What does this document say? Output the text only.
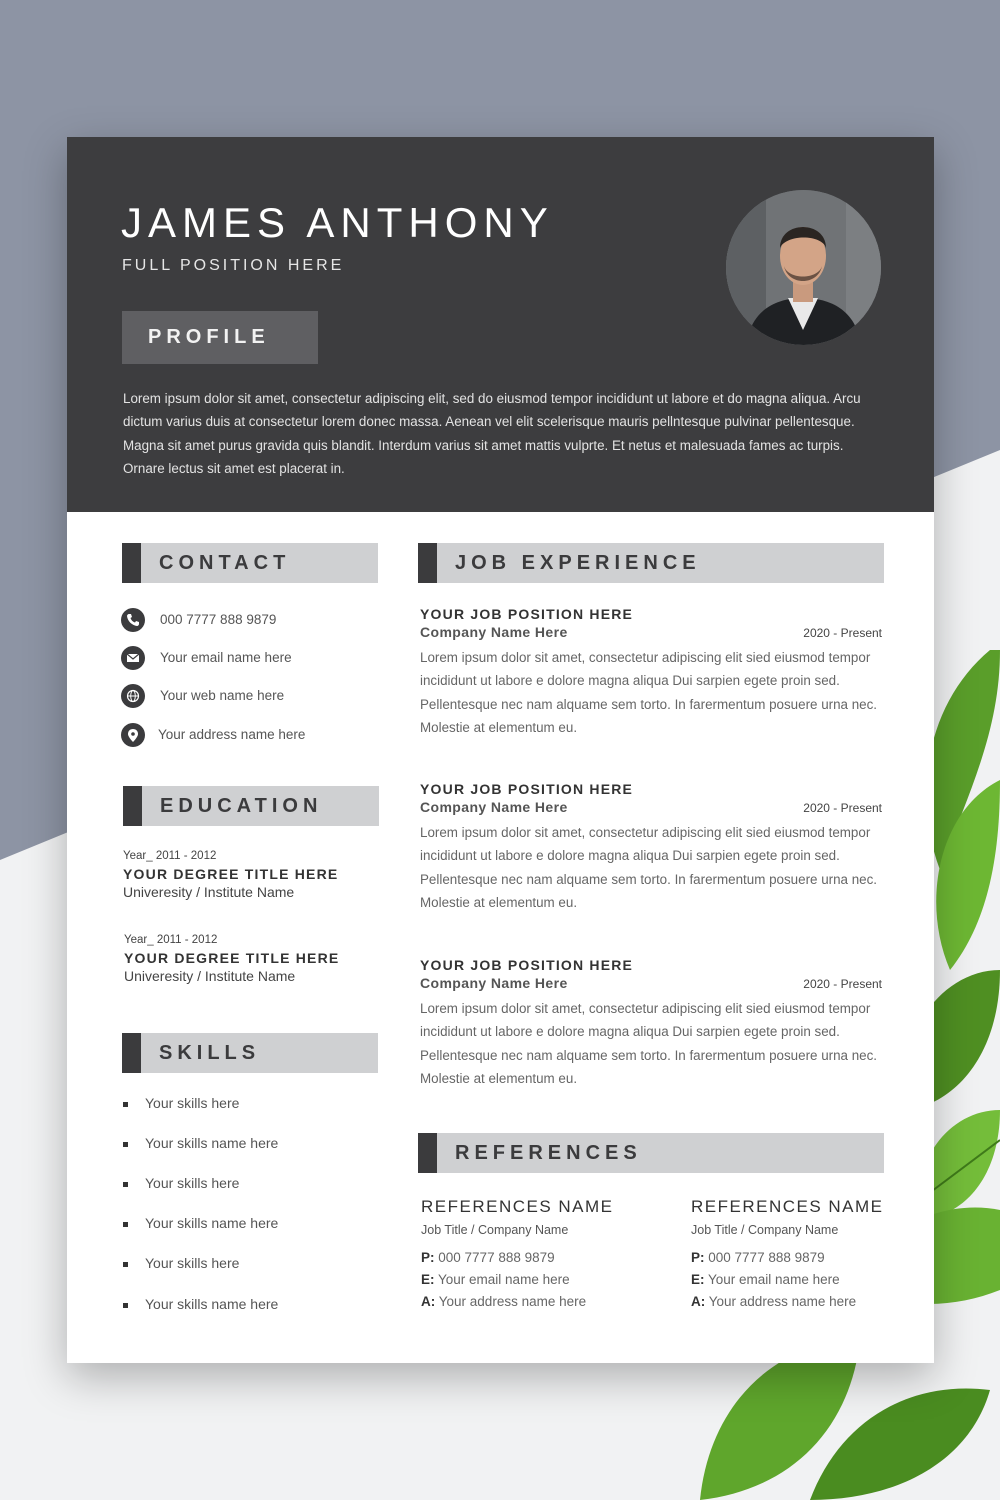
JAMES ANTHONY
FULL POSITION HERE
PROFILE
Lorem ipsum dolor sit amet, consectetur adipiscing elit, sed do eiusmod tempor incididunt ut labore et do magna aliqua. Arcu dictum varius duis at consectetur lorem donec massa. Aenean vel elit scelerisque mauris pellntesque pulvinar pellentesque. Magna sit amet purus gravida quis blandit. Interdum varius sit amet mattis vulprte. Et netus et malesuada fames ac turpis. Ornare lectus sit amet est placerat in.
CONTACT
000 7777 888 9879
Your email name here
Your web name here
Your address name here
EDUCATION
Year_ 2011 - 2012
YOUR DEGREE TITLE HERE
Univeresity / Institute Name
Year_ 2011 - 2012
YOUR DEGREE TITLE HERE
Univeresity / Institute Name
SKILLS
Your skills here
Your skills name here
Your skills here
Your skills name here
Your skills here
Your skills name here
JOB EXPERIENCE
YOUR JOB POSITION HERE
Company Name Here	2020 - Present
Lorem ipsum dolor sit amet, consectetur adipiscing elit sied eiusmod tempor incididunt ut labore e dolore magna aliqua Dui sarpien egete proin sed. Pellentesque nec nam alquame sem torto. In farermentum posuere urna nec. Molestie at elementum eu.
YOUR JOB POSITION HERE
Company Name Here	2020 - Present
Lorem ipsum dolor sit amet, consectetur adipiscing elit sied eiusmod tempor incididunt ut labore e dolore magna aliqua Dui sarpien egete proin sed. Pellentesque nec nam alquame sem torto. In farermentum posuere urna nec. Molestie at elementum eu.
YOUR JOB POSITION HERE
Company Name Here	2020 - Present
Lorem ipsum dolor sit amet, consectetur adipiscing elit sied eiusmod tempor incididunt ut labore e dolore magna aliqua Dui sarpien egete proin sed. Pellentesque nec nam alquame sem torto. In farermentum posuere urna nec. Molestie at elementum eu.
REFERENCES
REFERENCES NAME
Job Title / Company Name
P: 000 7777 888 9879
E: Your email name here
A: Your address name here
REFERENCES NAME
Job Title / Company Name
P: 000 7777 888 9879
E: Your email name here
A: Your address name here
